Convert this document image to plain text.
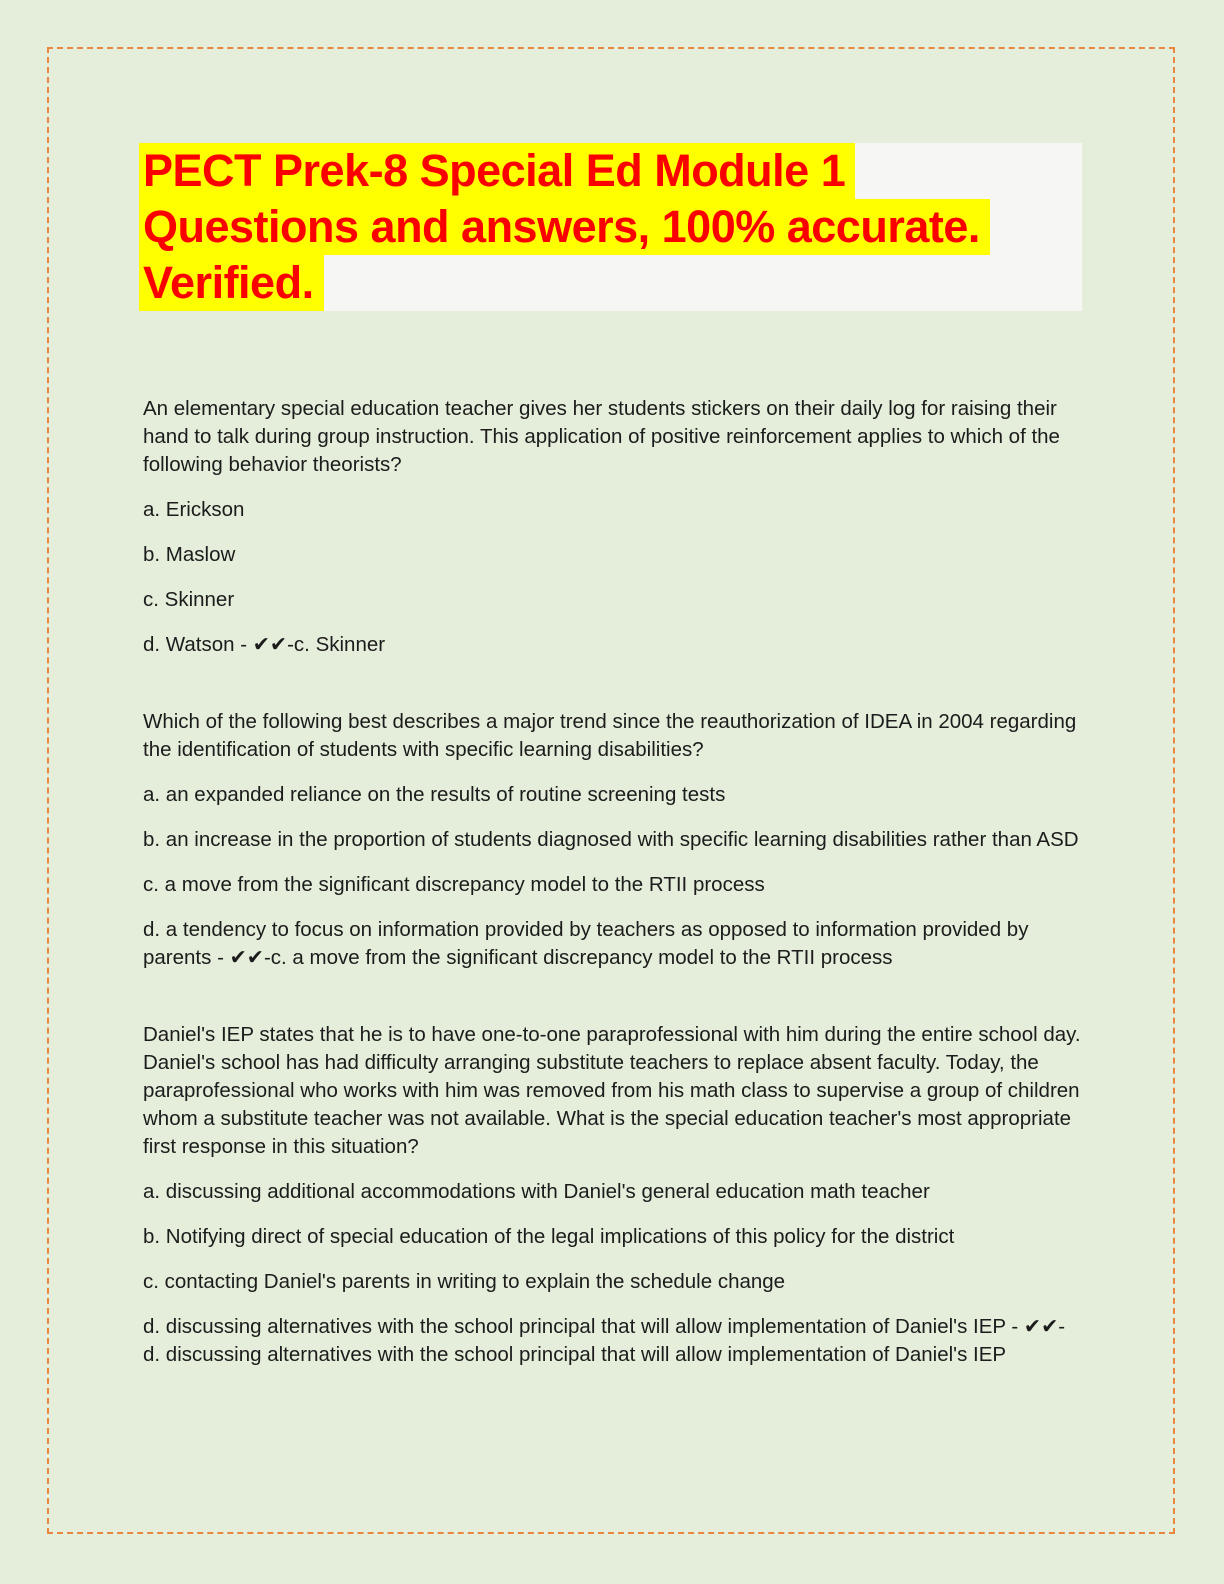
PECT Prek-8 Special Ed Module 1
Questions and answers, 100% accurate.
Verified.

An elementary special education teacher gives her students stickers on their daily log for raising their hand to talk during group instruction. This application of positive reinforcement applies to which of the following behavior theorists?

a. Erickson

b. Maslow

c. Skinner

d. Watson - ✔✔-c. Skinner

Which of the following best describes a major trend since the reauthorization of IDEA in 2004 regarding the identification of students with specific learning disabilities?

a. an expanded reliance on the results of routine screening tests

b. an increase in the proportion of students diagnosed with specific learning disabilities rather than ASD

c. a move from the significant discrepancy model to the RTII process

d. a tendency to focus on information provided by teachers as opposed to information provided by parents - ✔✔-c. a move from the significant discrepancy model to the RTII process

Daniel's IEP states that he is to have one-to-one paraprofessional with him during the entire school day. Daniel's school has had difficulty arranging substitute teachers to replace absent faculty. Today, the paraprofessional who works with him was removed from his math class to supervise a group of children whom a substitute teacher was not available. What is the special education teacher's most appropriate first response in this situation?

a. discussing additional accommodations with Daniel's general education math teacher

b. Notifying direct of special education of the legal implications of this policy for the district

c. contacting Daniel's parents in writing to explain the schedule change

d. discussing alternatives with the school principal that will allow implementation of Daniel's IEP - ✔✔-d. discussing alternatives with the school principal that will allow implementation of Daniel's IEP
